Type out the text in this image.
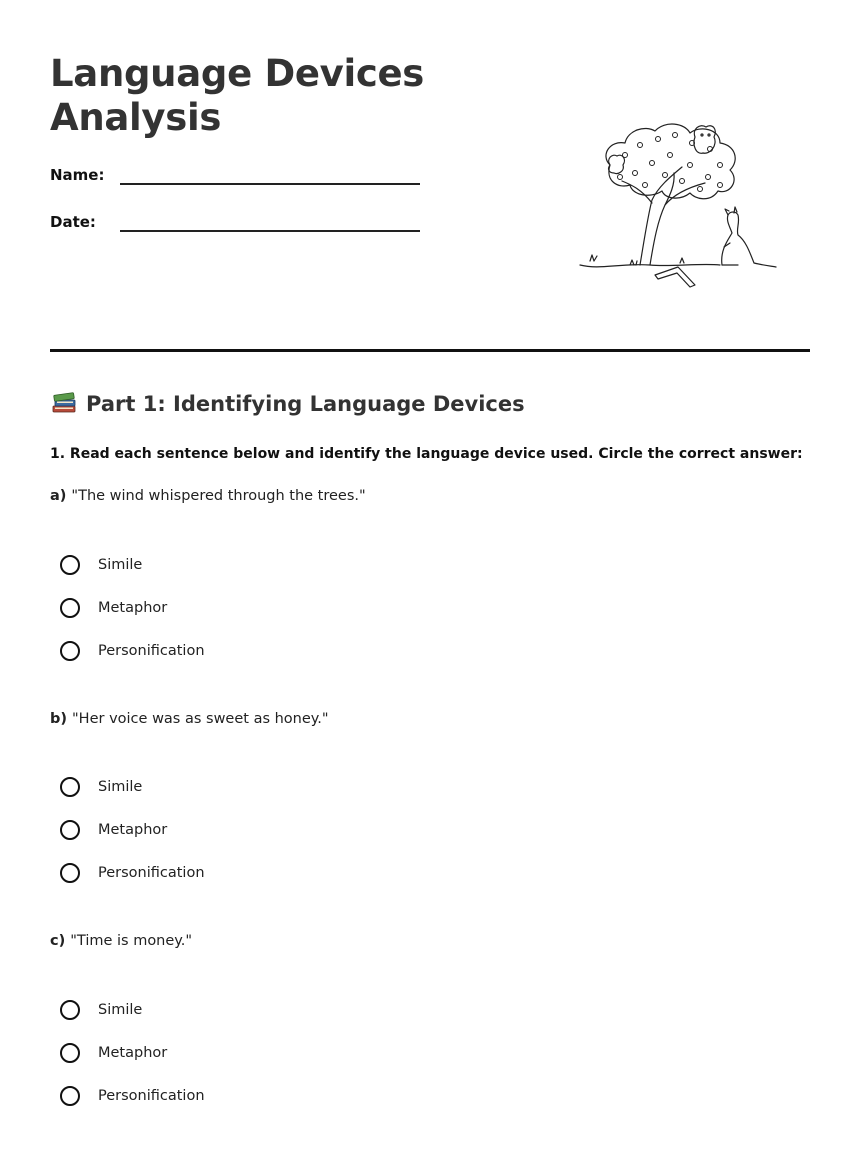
Language Devices
Analysis
Name:
Date:
Part 1: Identifying Language Devices

1. Read each sentence below and identify the language device used. Circle the correct answer:

a) "The wind whispered through the trees."
Simile
Metaphor
Personification
b) "Her voice was as sweet as honey."
Simile
Metaphor
Personification
c) "Time is money."
Simile
Metaphor
Personification
